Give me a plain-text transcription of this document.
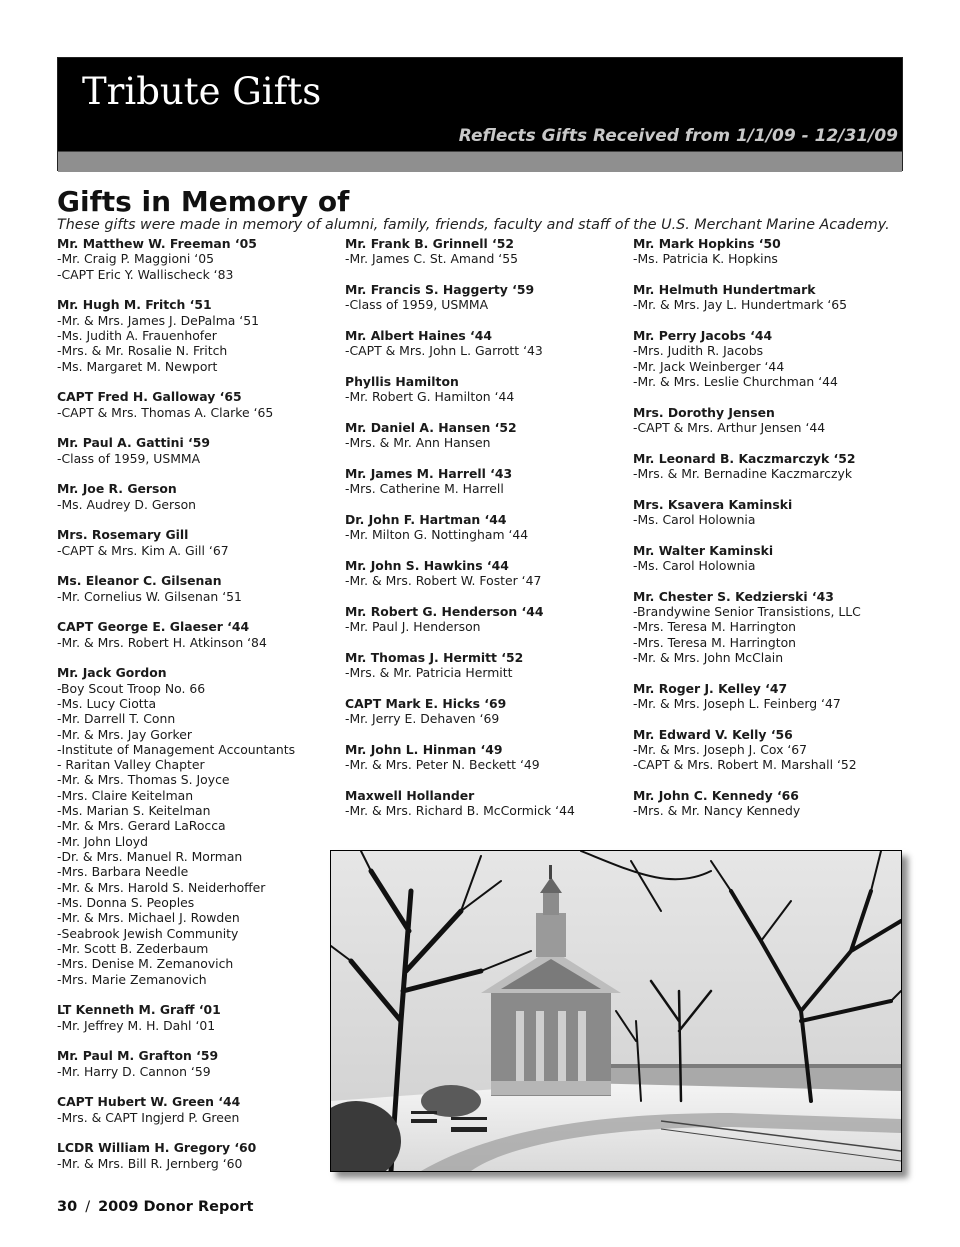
Tribute Gifts
Reflects Gifts Received from 1/1/09 - 12/31/09
Gifts in Memory of
These gifts were made in memory of alumni, family, friends, faculty and staff of the U.S. Merchant Marine Academy.
Mr. Matthew W. Freeman ‘05
-Mr. Craig P. Maggioni ‘05
-CAPT Eric Y. Wallischeck ‘83
Mr. Hugh M. Fritch ‘51
-Mr. & Mrs. James J. DePalma ‘51
-Ms. Judith A. Frauenhofer
-Mrs. & Mr. Rosalie N. Fritch
-Ms. Margaret M. Newport
CAPT Fred H. Galloway ‘65
-CAPT & Mrs. Thomas A. Clarke ‘65
Mr. Paul A. Gattini ‘59
-Class of 1959, USMMA
Mr. Joe R. Gerson
-Ms. Audrey D. Gerson
Mrs. Rosemary Gill
-CAPT & Mrs. Kim A. Gill ‘67
Ms. Eleanor C. Gilsenan
-Mr. Cornelius W. Gilsenan ‘51
CAPT George E. Glaeser ‘44
-Mr. & Mrs. Robert H. Atkinson ‘84
Mr. Jack Gordon
-Boy Scout Troop No. 66
-Ms. Lucy Ciotta
-Mr. Darrell T. Conn
-Mr. & Mrs. Jay Gorker
-Institute of Management Accountants
- Raritan Valley Chapter
-Mr. & Mrs. Thomas S. Joyce
-Mrs. Claire Keitelman
-Ms. Marian S. Keitelman
-Mr. & Mrs. Gerard LaRocca
-Mr. John Lloyd
-Dr. & Mrs. Manuel R. Morman
-Mrs. Barbara Needle
-Mr. & Mrs. Harold S. Neiderhoffer
-Ms. Donna S. Peoples
-Mr. & Mrs. Michael J. Rowden
-Seabrook Jewish Community
-Mr. Scott B. Zederbaum
-Mrs. Denise M. Zemanovich
-Mrs. Marie Zemanovich
LT Kenneth M. Graff ‘01
-Mr. Jeffrey M. H. Dahl ‘01
Mr. Paul M. Grafton ‘59
-Mr. Harry D. Cannon ‘59
CAPT Hubert W. Green ‘44
-Mrs. & CAPT Ingjerd P. Green
LCDR William H. Gregory ‘60
-Mr. & Mrs. Bill R. Jernberg ‘60
Mr. Frank B. Grinnell ‘52
-Mr. James C. St. Amand ‘55
Mr. Francis S. Haggerty ‘59
-Class of 1959, USMMA
Mr. Albert Haines ‘44
-CAPT & Mrs. John L. Garrott ‘43
Phyllis Hamilton
-Mr. Robert G. Hamilton ‘44
Mr. Daniel A. Hansen ‘52
-Mrs. & Mr. Ann Hansen
Mr. James M. Harrell ‘43
-Mrs. Catherine M. Harrell
Dr. John F. Hartman ‘44
-Mr. Milton G. Nottingham ‘44
Mr. John S. Hawkins ‘44
-Mr. & Mrs. Robert W. Foster ‘47
Mr. Robert G. Henderson ‘44
-Mr. Paul J. Henderson
Mr. Thomas J. Hermitt ‘52
-Mrs. & Mr. Patricia Hermitt
CAPT Mark E. Hicks ‘69
-Mr. Jerry E. Dehaven ‘69
Mr. John L. Hinman ‘49
-Mr. & Mrs. Peter N. Beckett ‘49
Maxwell Hollander
-Mr. & Mrs. Richard B. McCormick ‘44
Mr. Mark Hopkins ‘50
-Ms. Patricia K. Hopkins
Mr. Helmuth Hundertmark
-Mr. & Mrs. Jay L. Hundertmark ‘65
Mr. Perry Jacobs ‘44
-Mrs. Judith R. Jacobs
-Mr. Jack Weinberger ‘44
-Mr. & Mrs. Leslie Churchman ‘44
Mrs. Dorothy Jensen
-CAPT & Mrs. Arthur Jensen ‘44
Mr. Leonard B. Kaczmarczyk ‘52
-Mrs. & Mr. Bernadine Kaczmarczyk
Mrs. Ksavera Kaminski
-Ms. Carol Holownia
Mr. Walter Kaminski
-Ms. Carol Holownia
Mr. Chester S. Kedzierski ‘43
-Brandywine Senior Transistions, LLC
-Mrs. Teresa M. Harrington
-Mrs. Teresa M. Harrington
-Mr. & Mrs. John McClain
Mr. Roger J. Kelley ‘47
-Mr. & Mrs. Joseph L. Feinberg ‘47
Mr. Edward V. Kelly ‘56
-Mr. & Mrs. Joseph J. Cox ‘67
-CAPT & Mrs. Robert M. Marshall ‘52
Mr. John C. Kennedy ‘66
-Mrs. & Mr. Nancy Kennedy
30 / 2009 Donor Report
